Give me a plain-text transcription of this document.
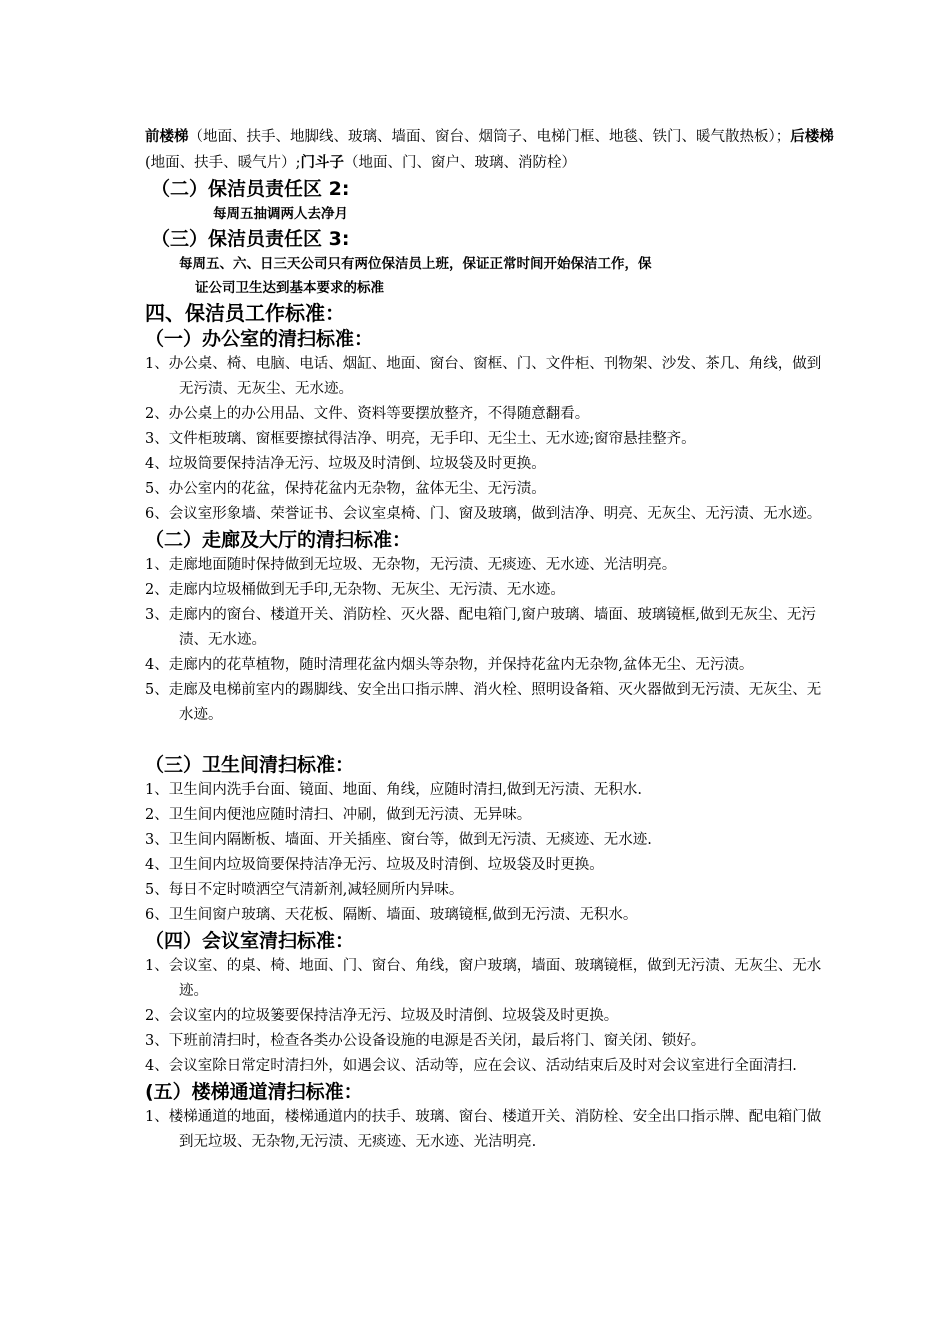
前楼梯（地面、扶手、地脚线、玻璃、墙面、窗台、烟筒子、电梯门框、地毯、铁门、暖气散热板）；后楼梯(地面、扶手、暖气片）;门斗子（地面、门、窗户、玻璃、消防栓）

（二）保洁员责任区 2:

每周五抽调两人去净月

（三）保洁员责任区 3:

每周五、六、日三天公司只有两位保洁员上班，保证正常时间开始保洁工作，保

证公司卫生达到基本要求的标准

四、保洁员工作标准：

（一）办公室的清扫标准：

1、办公桌、椅、电脑、电话、烟缸、地面、窗台、窗框、门、文件柜、刊物架、沙发、茶几、角线，做到无污渍、无灰尘、无水迹。

2、办公桌上的办公用品、文件、资料等要摆放整齐，不得随意翻看。

3、文件柜玻璃、窗框要擦拭得洁净、明亮，无手印、无尘土、无水迹;窗帘悬挂整齐。

4、垃圾筒要保持洁净无污、垃圾及时清倒、垃圾袋及时更换。

5、办公室内的花盆，保持花盆内无杂物，盆体无尘、无污渍。

6、会议室形象墙、荣誉证书、会议室桌椅、门、窗及玻璃，做到洁净、明亮、无灰尘、无污渍、无水迹。

（二）走廊及大厅的清扫标准：

1、走廊地面随时保持做到无垃圾、无杂物，无污渍、无痰迹、无水迹、光洁明亮。

2、走廊内垃圾桶做到无手印,无杂物、无灰尘、无污渍、无水迹。

3、走廊内的窗台、楼道开关、消防栓、灭火器、配电箱门,窗户玻璃、墙面、玻璃镜框,做到无灰尘、无污渍、无水迹。

4、走廊内的花草植物，随时清理花盆内烟头等杂物，并保持花盆内无杂物,盆体无尘、无污渍。

5、走廊及电梯前室内的踢脚线、安全出口指示牌、消火栓、照明设备箱、灭火器做到无污渍、无灰尘、无水迹。

（三）卫生间清扫标准：

1、卫生间内洗手台面、镜面、地面、角线，应随时清扫,做到无污渍、无积水.

2、卫生间内便池应随时清扫、冲刷，做到无污渍、无异味。

3、卫生间内隔断板、墙面、开关插座、窗台等，做到无污渍、无痰迹、无水迹.

4、卫生间内垃圾筒要保持洁净无污、垃圾及时清倒、垃圾袋及时更换。

5、每日不定时喷洒空气清新剂,减轻厕所内异味。

6、卫生间窗户玻璃、天花板、隔断、墙面、玻璃镜框,做到无污渍、无积水。

（四）会议室清扫标准：

1、会议室、的桌、椅、地面、门、窗台、角线，窗户玻璃，墙面、玻璃镜框，做到无污渍、无灰尘、无水迹。

2、会议室内的垃圾篓要保持洁净无污、垃圾及时清倒、垃圾袋及时更换。

3、下班前清扫时，检查各类办公设备设施的电源是否关闭，最后将门、窗关闭、锁好。

4、会议室除日常定时清扫外，如遇会议、活动等，应在会议、活动结束后及时对会议室进行全面清扫.

(五）楼梯通道清扫标准：

1、楼梯通道的地面，楼梯通道内的扶手、玻璃、窗台、楼道开关、消防栓、安全出口指示牌、配电箱门做到无垃圾、无杂物,无污渍、无痰迹、无水迹、光洁明亮.
